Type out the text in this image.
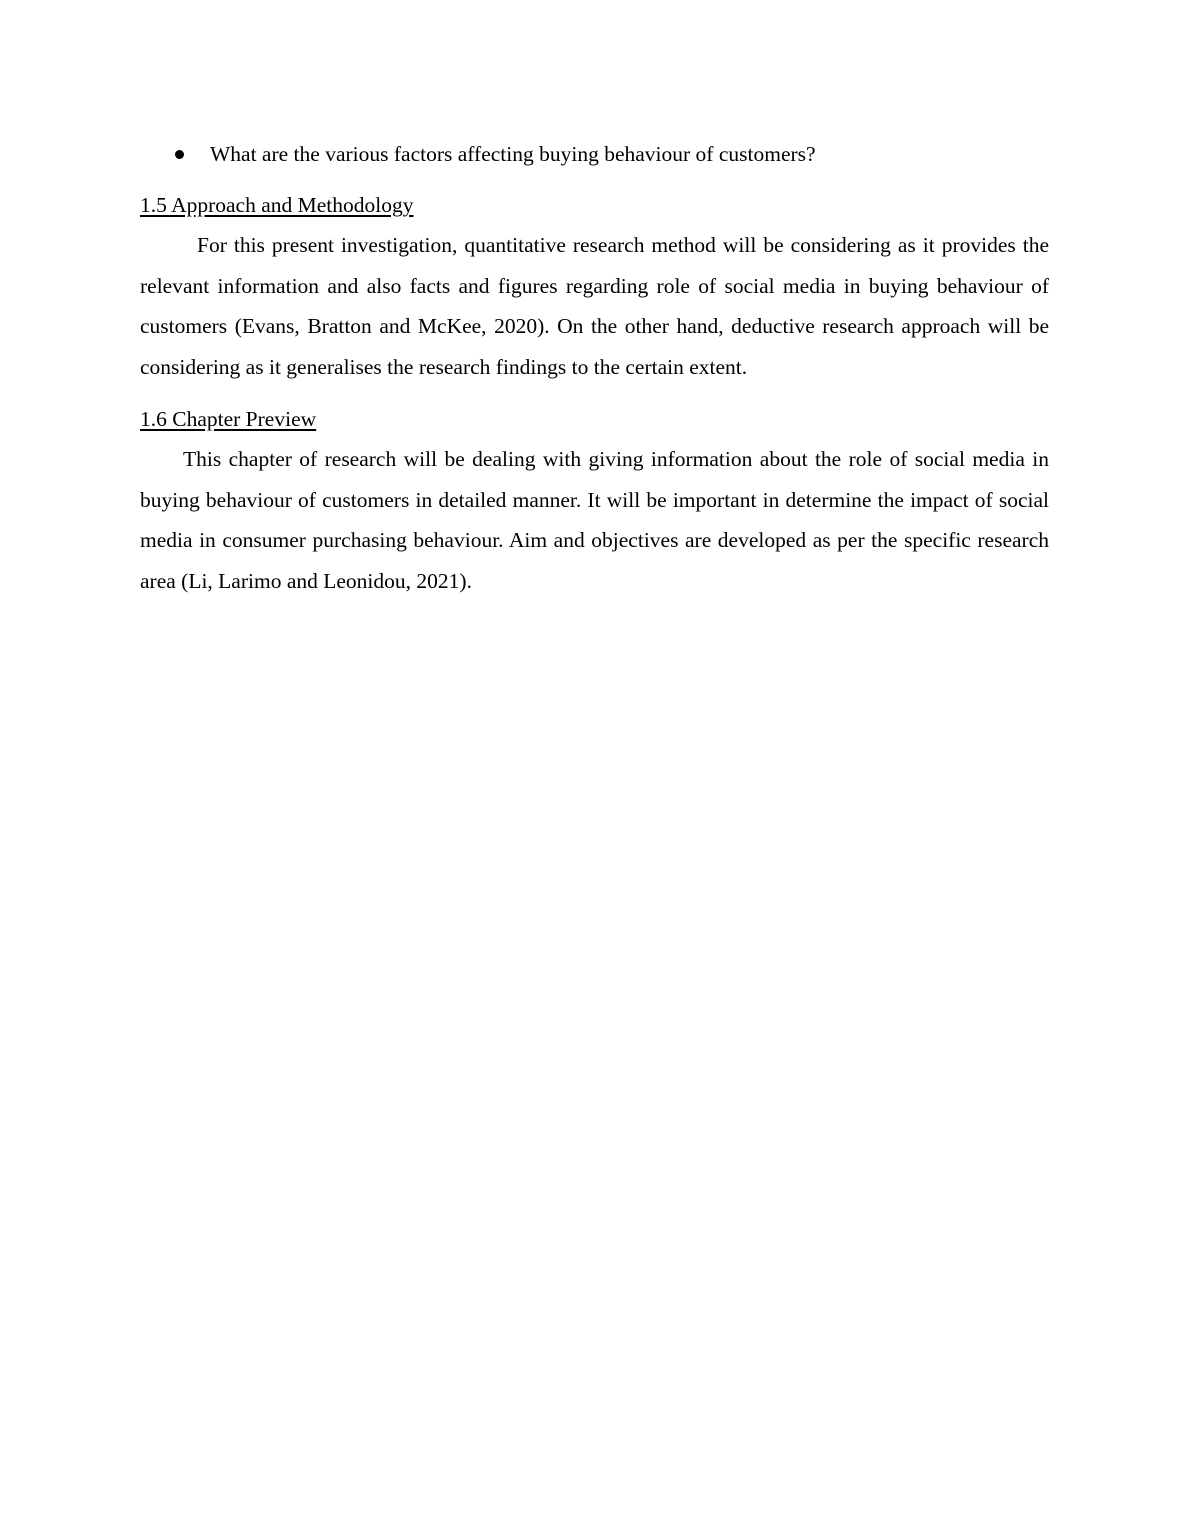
What are the various factors affecting buying behaviour of customers?
1.5 Approach and Methodology

For this present investigation, quantitative research method will be considering as it provides the relevant information and also facts and figures regarding role of social media in buying behaviour of customers (Evans, Bratton and McKee, 2020). On the other hand, deductive research approach will be considering as it generalises the research findings to the certain extent.

1.6 Chapter Preview

This chapter of research will be dealing with giving information about the role of social media in buying behaviour of customers in detailed manner. It will be important in determine the impact of social media in consumer purchasing behaviour. Aim and objectives are developed as per the specific research area (Li, Larimo and Leonidou, 2021).
